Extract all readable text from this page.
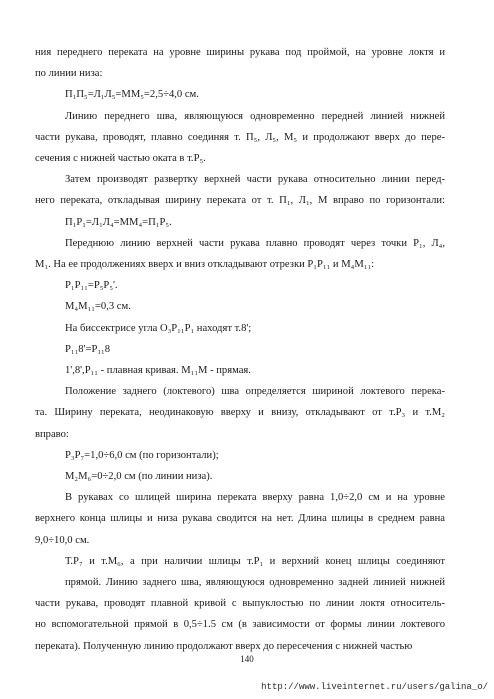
ния переднего переката на уровне ширины рукава под проймой, на уровне локтя и
по линии низа:
П₁П₅=Л₁Л₅=ММ₅=2,5÷4,0 см.
Линию переднего шва, являющуюся одновременно передней линией нижней
части рукава, проводят, плавно соединяя т. П₅, Л₅, М₅ и продолжают вверх до пере-
сечения с нижней частью оката в т.Р₅.
Затем производят развертку верхней части рукава относительно линии перед-
него переката, откладывая ширину переката от т. П₁, Л₁, М вправо по горизонтали:
П₁Р₁=Л₁Л₄=ММ₄=П₁Р₅.
Переднюю линию верхней части рукава плавно проводят через точки Р₁, Л₄,
М₁. На ее продолжениях вверх и вниз откладывают отрезки Р₁Р₁₁ и М₄М₁₁:
Р₁Р₁₁=Р₅Р₅'.
М₄М₁₁=0,3 см.
На биссектрисе угла О₃Р₁₁Р₁ находят т.8';
Р₁₁8'=Р₁₁8
1',8',Р₁₁ - плавная кривая. М₁₁М - прямая.
Положение заднего (локтевого) шва определяется шириной локтевого перека-
та. Ширину переката, неодинаковую вверху и внизу, откладывают от т.Р₃ и т.М₂
вправо:
Р₃Р₇=1,0÷6,0 см (по горизонтали);
М₂М₆=0÷2,0 см (по линии низа).
В рукавах со шлицей ширина переката вверху равна 1,0÷2,0 см и на уровне
верхнего конца шлицы и низа рукава сводится на нет. Длина шлицы в среднем равна
9,0÷10,0 см.
Т.Р₇ и т.М₆, а при наличии шлицы т.Р₁ и верхний конец шлицы соединяют
прямой. Линию заднего шва, являющуюся одновременно задней линией нижней
части рукава, проводят плавной кривой с выпуклостью по линии локтя относитель-
но вспомогательной прямой в 0,5÷1.5 см (в зависимости от формы линии локтевого
переката). Полученную линию продолжают вверх до пересечения с нижней частью
140
http://www.liveinternet.ru/users/galina_o/
